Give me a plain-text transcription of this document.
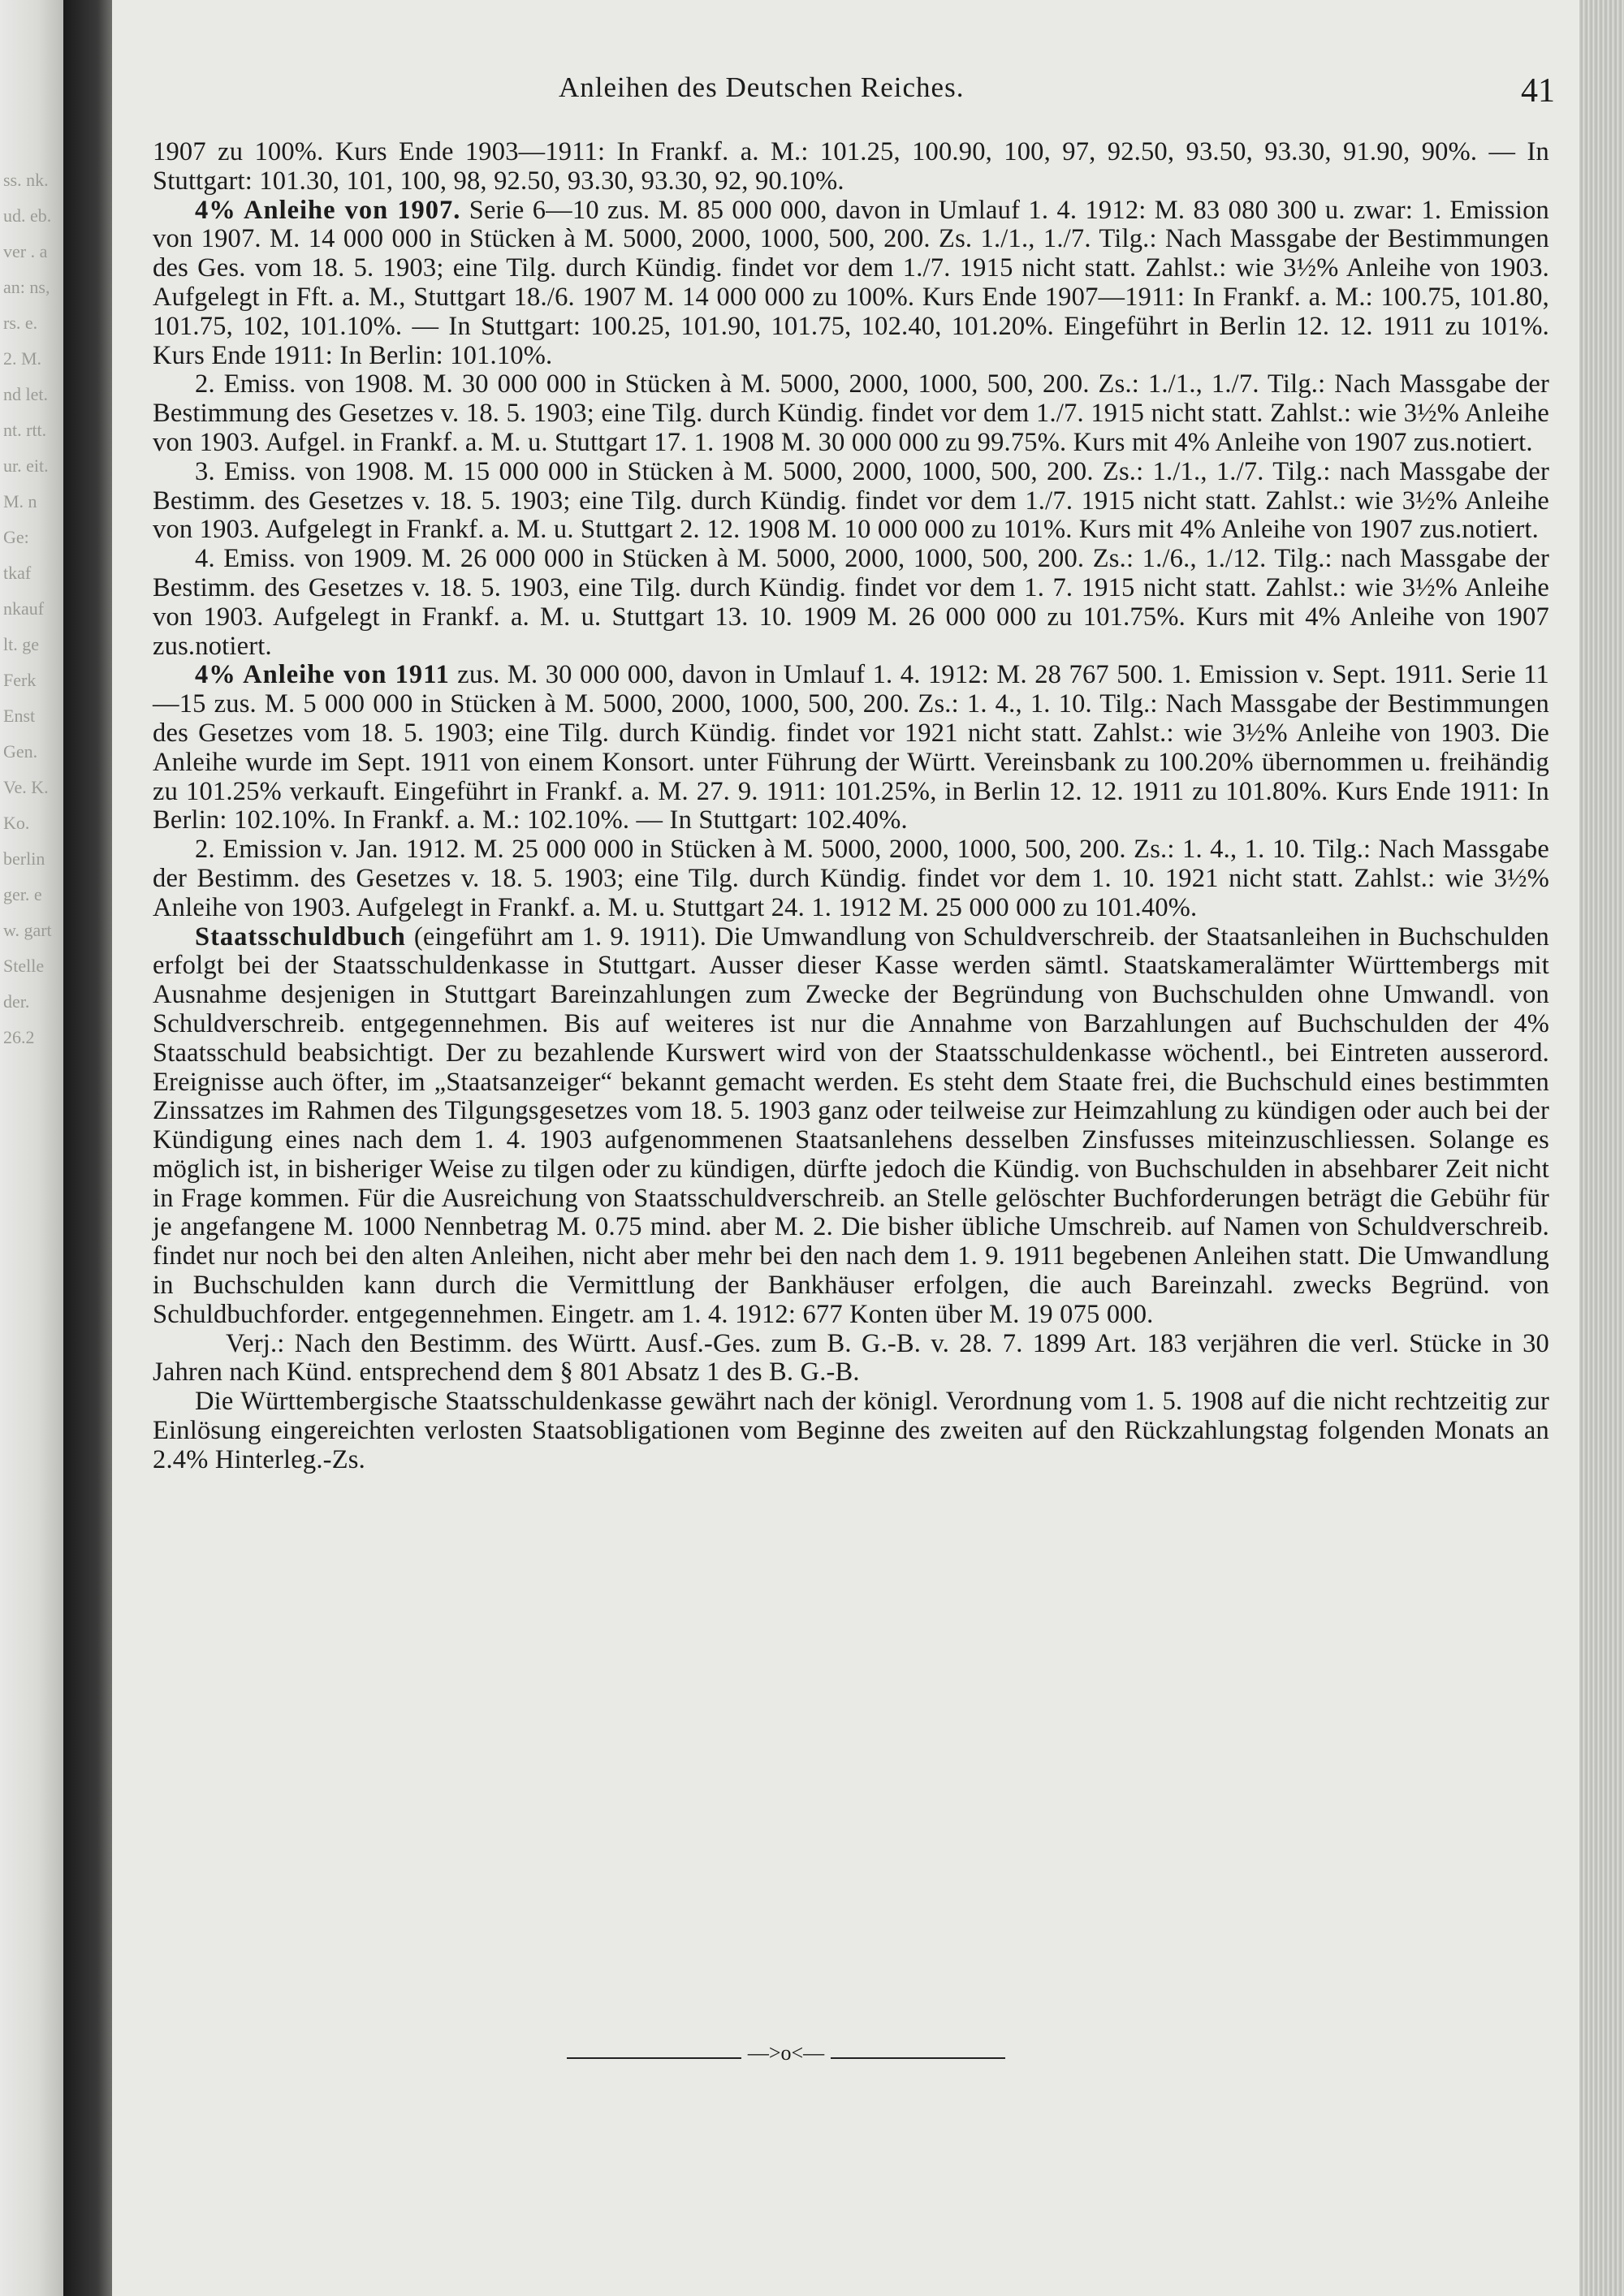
ss. nk. ud. eb. ver . a an: ns, rs. e. 2. M. nd let. nt. rtt. ur. eit. M. n Ge: tkaf nkauf lt. ge Ferk Enst Gen. Ve. K. Ko. berlin ger. e w. gart Stelle der. 26.2
Anleihen des Deutschen Reiches.	41

1907 zu 100%. Kurs Ende 1903—1911: In Frankf. a. M.: 101.25, 100.90, 100, 97, 92.50, 93.50, 93.30, 91.90, 90%. — In Stuttgart: 101.30, 101, 100, 98, 92.50, 93.30, 93.30, 92, 90.10%.

4% Anleihe von 1907. Serie 6—10 zus. M. 85 000 000, davon in Umlauf 1. 4. 1912: M. 83 080 300 u. zwar: 1. Emission von 1907. M. 14 000 000 in Stücken à M. 5000, 2000, 1000, 500, 200. Zs. 1./1., 1./7. Tilg.: Nach Massgabe der Bestimmungen des Ges. vom 18. 5. 1903; eine Tilg. durch Kündig. findet vor dem 1./7. 1915 nicht statt. Zahlst.: wie 3½% Anleihe von 1903. Aufgelegt in Fft. a. M., Stuttgart 18./6. 1907 M. 14 000 000 zu 100%. Kurs Ende 1907—1911: In Frankf. a. M.: 100.75, 101.80, 101.75, 102, 101.10%. — In Stuttgart: 100.25, 101.90, 101.75, 102.40, 101.20%. Eingeführt in Berlin 12. 12. 1911 zu 101%. Kurs Ende 1911: In Berlin: 101.10%.

2. Emiss. von 1908. M. 30 000 000 in Stücken à M. 5000, 2000, 1000, 500, 200. Zs.: 1./1., 1./7. Tilg.: Nach Massgabe der Bestimmung des Gesetzes v. 18. 5. 1903; eine Tilg. durch Kündig. findet vor dem 1./7. 1915 nicht statt. Zahlst.: wie 3½% Anleihe von 1903. Aufgel. in Frankf. a. M. u. Stuttgart 17. 1. 1908 M. 30 000 000 zu 99.75%. Kurs mit 4% Anleihe von 1907 zus.notiert.

3. Emiss. von 1908. M. 15 000 000 in Stücken à M. 5000, 2000, 1000, 500, 200. Zs.: 1./1., 1./7. Tilg.: nach Massgabe der Bestimm. des Gesetzes v. 18. 5. 1903; eine Tilg. durch Kündig. findet vor dem 1./7. 1915 nicht statt. Zahlst.: wie 3½% Anleihe von 1903. Aufgelegt in Frankf. a. M. u. Stuttgart 2. 12. 1908 M. 10 000 000 zu 101%. Kurs mit 4% Anleihe von 1907 zus.notiert.

4. Emiss. von 1909. M. 26 000 000 in Stücken à M. 5000, 2000, 1000, 500, 200. Zs.: 1./6., 1./12. Tilg.: nach Massgabe der Bestimm. des Gesetzes v. 18. 5. 1903, eine Tilg. durch Kündig. findet vor dem 1. 7. 1915 nicht statt. Zahlst.: wie 3½% Anleihe von 1903. Aufgelegt in Frankf. a. M. u. Stuttgart 13. 10. 1909 M. 26 000 000 zu 101.75%. Kurs mit 4% Anleihe von 1907 zus.notiert.

4% Anleihe von 1911 zus. M. 30 000 000, davon in Umlauf 1. 4. 1912: M. 28 767 500. 1. Emission v. Sept. 1911. Serie 11—15 zus. M. 5 000 000 in Stücken à M. 5000, 2000, 1000, 500, 200. Zs.: 1. 4., 1. 10. Tilg.: Nach Massgabe der Bestimmungen des Gesetzes vom 18. 5. 1903; eine Tilg. durch Kündig. findet vor 1921 nicht statt. Zahlst.: wie 3½% Anleihe von 1903. Die Anleihe wurde im Sept. 1911 von einem Konsort. unter Führung der Württ. Vereinsbank zu 100.20% übernommen u. freihändig zu 101.25% verkauft. Eingeführt in Frankf. a. M. 27. 9. 1911: 101.25%, in Berlin 12. 12. 1911 zu 101.80%. Kurs Ende 1911: In Berlin: 102.10%. In Frankf. a. M.: 102.10%. — In Stuttgart: 102.40%.

2. Emission v. Jan. 1912. M. 25 000 000 in Stücken à M. 5000, 2000, 1000, 500, 200. Zs.: 1. 4., 1. 10. Tilg.: Nach Massgabe der Bestimm. des Gesetzes v. 18. 5. 1903; eine Tilg. durch Kündig. findet vor dem 1. 10. 1921 nicht statt. Zahlst.: wie 3½% Anleihe von 1903. Aufgelegt in Frankf. a. M. u. Stuttgart 24. 1. 1912 M. 25 000 000 zu 101.40%.

Staatsschuldbuch (eingeführt am 1. 9. 1911). Die Umwandlung von Schuldverschreib. der Staatsanleihen in Buchschulden erfolgt bei der Staatsschuldenkasse in Stuttgart. Ausser dieser Kasse werden sämtl. Staatskameralämter Württembergs mit Ausnahme desjenigen in Stuttgart Bareinzahlungen zum Zwecke der Begründung von Buchschulden ohne Umwandl. von Schuldverschreib. entgegennehmen. Bis auf weiteres ist nur die Annahme von Barzahlungen auf Buchschulden der 4% Staatsschuld beabsichtigt. Der zu bezahlende Kurswert wird von der Staatsschuldenkasse wöchentl., bei Eintreten ausserord. Ereignisse auch öfter, im „Staatsanzeiger“ bekannt gemacht werden. Es steht dem Staate frei, die Buchschuld eines bestimmten Zinssatzes im Rahmen des Tilgungsgesetzes vom 18. 5. 1903 ganz oder teilweise zur Heimzahlung zu kündigen oder auch bei der Kündigung eines nach dem 1. 4. 1903 aufgenommenen Staatsanlehens desselben Zinsfusses miteinzuschliessen. Solange es möglich ist, in bisheriger Weise zu tilgen oder zu kündigen, dürfte jedoch die Kündig. von Buchschulden in absehbarer Zeit nicht in Frage kommen. Für die Ausreichung von Staatsschuldverschreib. an Stelle gelöschter Buchforderungen beträgt die Gebühr für je angefangene M. 1000 Nennbetrag M. 0.75 mind. aber M. 2. Die bisher übliche Umschreib. auf Namen von Schuldverschreib. findet nur noch bei den alten Anleihen, nicht aber mehr bei den nach dem 1. 9. 1911 begebenen Anleihen statt. Die Umwandlung in Buchschulden kann durch die Vermittlung der Bankhäuser erfolgen, die auch Bareinzahl. zwecks Begründ. von Schuldbuchforder. entgegennehmen. Eingetr. am 1. 4. 1912: 677 Konten über M. 19 075 000.

Verj.: Nach den Bestimm. des Württ. Ausf.-Ges. zum B. G.-B. v. 28. 7. 1899 Art. 183 verjähren die verl. Stücke in 30 Jahren nach Künd. entsprechend dem § 801 Absatz 1 des B. G.-B.

Die Württembergische Staatsschuldenkasse gewährt nach der königl. Verordnung vom 1. 5. 1908 auf die nicht rechtzeitig zur Einlösung eingereichten verlosten Staatsobligationen vom Beginne des zweiten auf den Rückzahlungstag folgenden Monats an 2.4% Hinterleg.-Zs.

—>o<—
